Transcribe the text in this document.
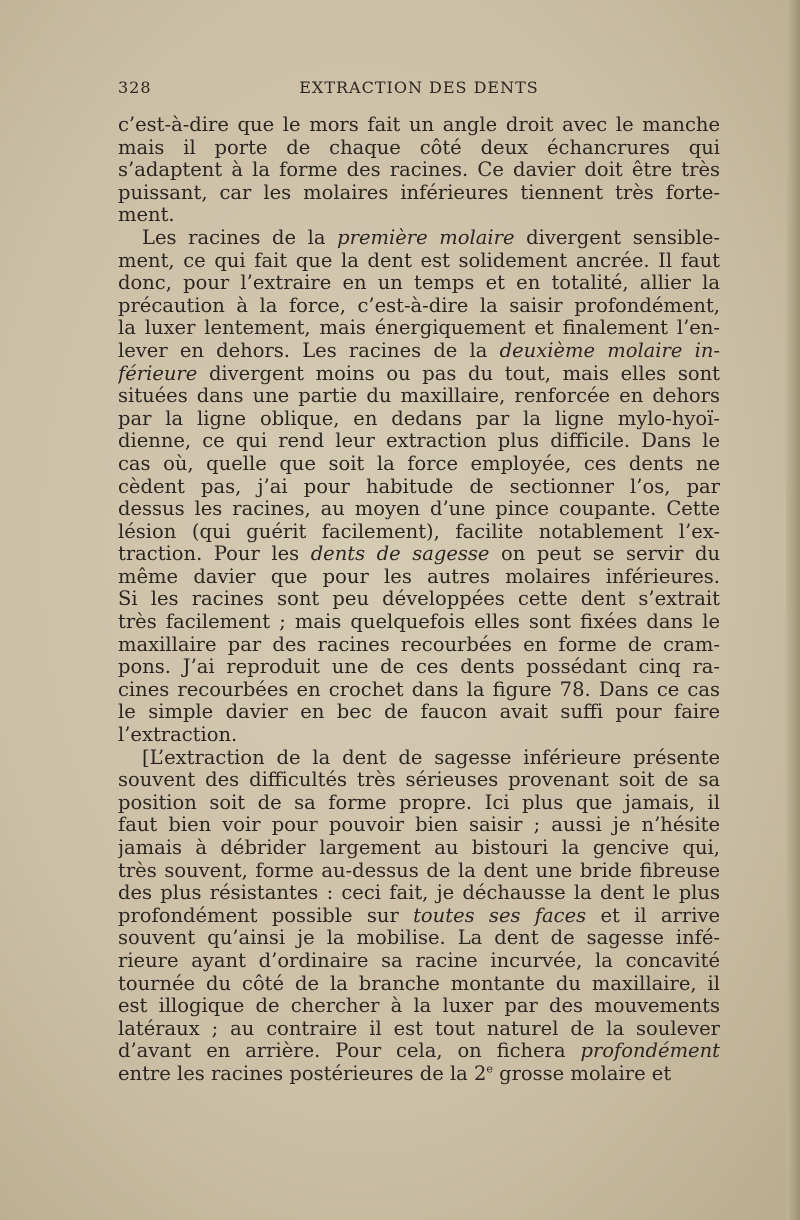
328	EXTRACTION DES DENTS
c’est-à-dire que le mors fait un angle droit avec le manche
mais il porte de chaque côté deux échancrures qui
s’adaptent à la forme des racines. Ce davier doit être très
puissant, car les molaires inférieures tiennent très forte-
ment.
Les racines de la première molaire divergent sensible-
ment, ce qui fait que la dent est solidement ancrée. Il faut
donc, pour l’extraire en un temps et en totalité, allier la
précaution à la force, c’est-à-dire la saisir profondément,
la luxer lentement, mais énergiquement et finalement l’en-
lever en dehors. Les racines de la deuxième molaire in-
férieure divergent moins ou pas du tout, mais elles sont
situées dans une partie du maxillaire, renforcée en dehors
par la ligne oblique, en dedans par la ligne mylo-hyoï-
dienne, ce qui rend leur extraction plus difficile. Dans le
cas où, quelle que soit la force employée, ces dents ne
cèdent pas, j’ai pour habitude de sectionner l’os, par
dessus les racines, au moyen d’une pince coupante. Cette
lésion (qui guérit facilement), facilite notablement l’ex-
traction. Pour les dents de sagesse on peut se servir du
même davier que pour les autres molaires inférieures.
Si les racines sont peu développées cette dent s’extrait
très facilement ; mais quelquefois elles sont fixées dans le
maxillaire par des racines recourbées en forme de cram-
pons. J’ai reproduit une de ces dents possédant cinq ra-
cines recourbées en crochet dans la figure 78. Dans ce cas
le simple davier en bec de faucon avait suffi pour faire
l’extraction.
[L’extraction de la dent de sagesse inférieure présente
souvent des difficultés très sérieuses provenant soit de sa
position soit de sa forme propre. Ici plus que jamais, il
faut bien voir pour pouvoir bien saisir ; aussi je n’hésite
jamais à débrider largement au bistouri la gencive qui,
très souvent, forme au-dessus de la dent une bride fibreuse
des plus résistantes : ceci fait, je déchausse la dent le plus
profondément possible sur toutes ses faces et il arrive
souvent qu’ainsi je la mobilise. La dent de sagesse infé-
rieure ayant d’ordinaire sa racine incurvée, la concavité
tournée du côté de la branche montante du maxillaire, il
est illogique de chercher à la luxer par des mouvements
latéraux ; au contraire il est tout naturel de la soulever
d’avant en arrière. Pour cela, on fichera profondément
entre les racines postérieures de la 2e grosse molaire et
